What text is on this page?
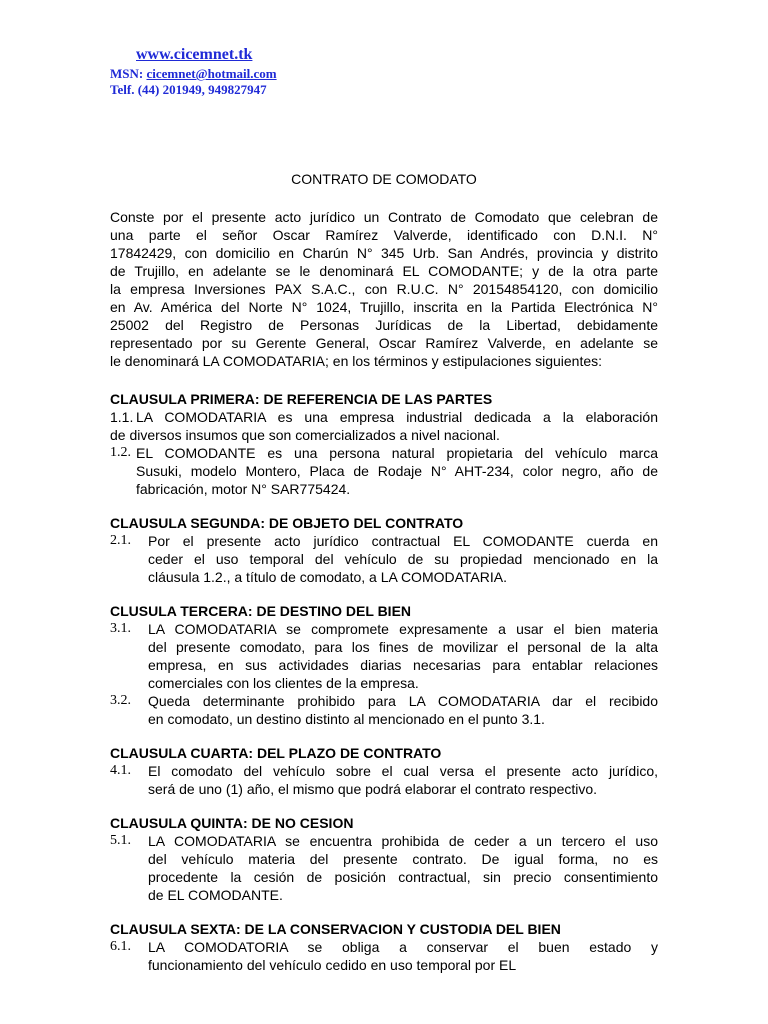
www.cicemnet.tk
MSN: cicemnet@hotmail.com
Telf. (44) 201949, 949827947
CONTRATO DE COMODATO
Conste por el presente acto jurídico un Contrato de Comodato que celebran de
una parte el señor Oscar Ramírez Valverde, identificado con D.N.I. N°
17842429, con domicilio en Charún N° 345 Urb. San Andrés, provincia y distrito
de Trujillo, en adelante se le denominará EL COMODANTE; y de la otra parte
la empresa Inversiones PAX S.A.C., con R.U.C. N° 20154854120, con domicilio
en Av. América del Norte N° 1024, Trujillo, inscrita en la Partida Electrónica N°
25002 del Registro de Personas Jurídicas de la Libertad, debidamente
representado por su Gerente General, Oscar Ramírez Valverde, en adelante se
le denominará LA COMODATARIA; en los términos y estipulaciones siguientes:
CLAUSULA PRIMERA: DE REFERENCIA DE LAS PARTES
1.1. LA COMODATARIA es una empresa industrial dedicada a la elaboración
de diversos insumos que son comercializados a nivel nacional.
1.2. EL COMODANTE es una persona natural propietaria del vehículo marca
Susuki, modelo Montero, Placa de Rodaje N° AHT-234, color negro, año de
fabricación, motor N° SAR775424.
CLAUSULA SEGUNDA: DE OBJETO DEL CONTRATO
2.1.	Por el presente acto jurídico contractual EL COMODANTE cuerda en
ceder el uso temporal del vehículo de su propiedad mencionado en la
cláusula 1.2., a título de comodato, a LA COMODATARIA.
CLUSULA TERCERA: DE DESTINO DEL BIEN
3.1.	LA COMODATARIA se compromete expresamente a usar el bien materia
del presente comodato, para los fines de movilizar el personal de la alta
empresa, en sus actividades diarias necesarias para entablar relaciones
comerciales con los clientes de la empresa.
3.2.	Queda determinante prohibido para LA COMODATARIA dar el recibido
en comodato, un destino distinto al mencionado en el punto 3.1.
CLAUSULA CUARTA: DEL PLAZO DE CONTRATO
4.1.	El comodato del vehículo sobre el cual versa el presente acto jurídico,
será de uno (1) año, el mismo que podrá elaborar el contrato respectivo.
CLAUSULA QUINTA: DE NO CESION
5.1.	LA COMODATARIA se encuentra prohibida de ceder a un tercero el uso
del vehículo materia del presente contrato. De igual forma, no es
procedente la cesión de posición contractual, sin precio consentimiento
de EL COMODANTE.
CLAUSULA SEXTA: DE LA CONSERVACION Y CUSTODIA DEL BIEN
6.1.	LA COMODATORIA se obliga a conservar el buen estado y
funcionamiento del vehículo cedido en uso temporal por EL
